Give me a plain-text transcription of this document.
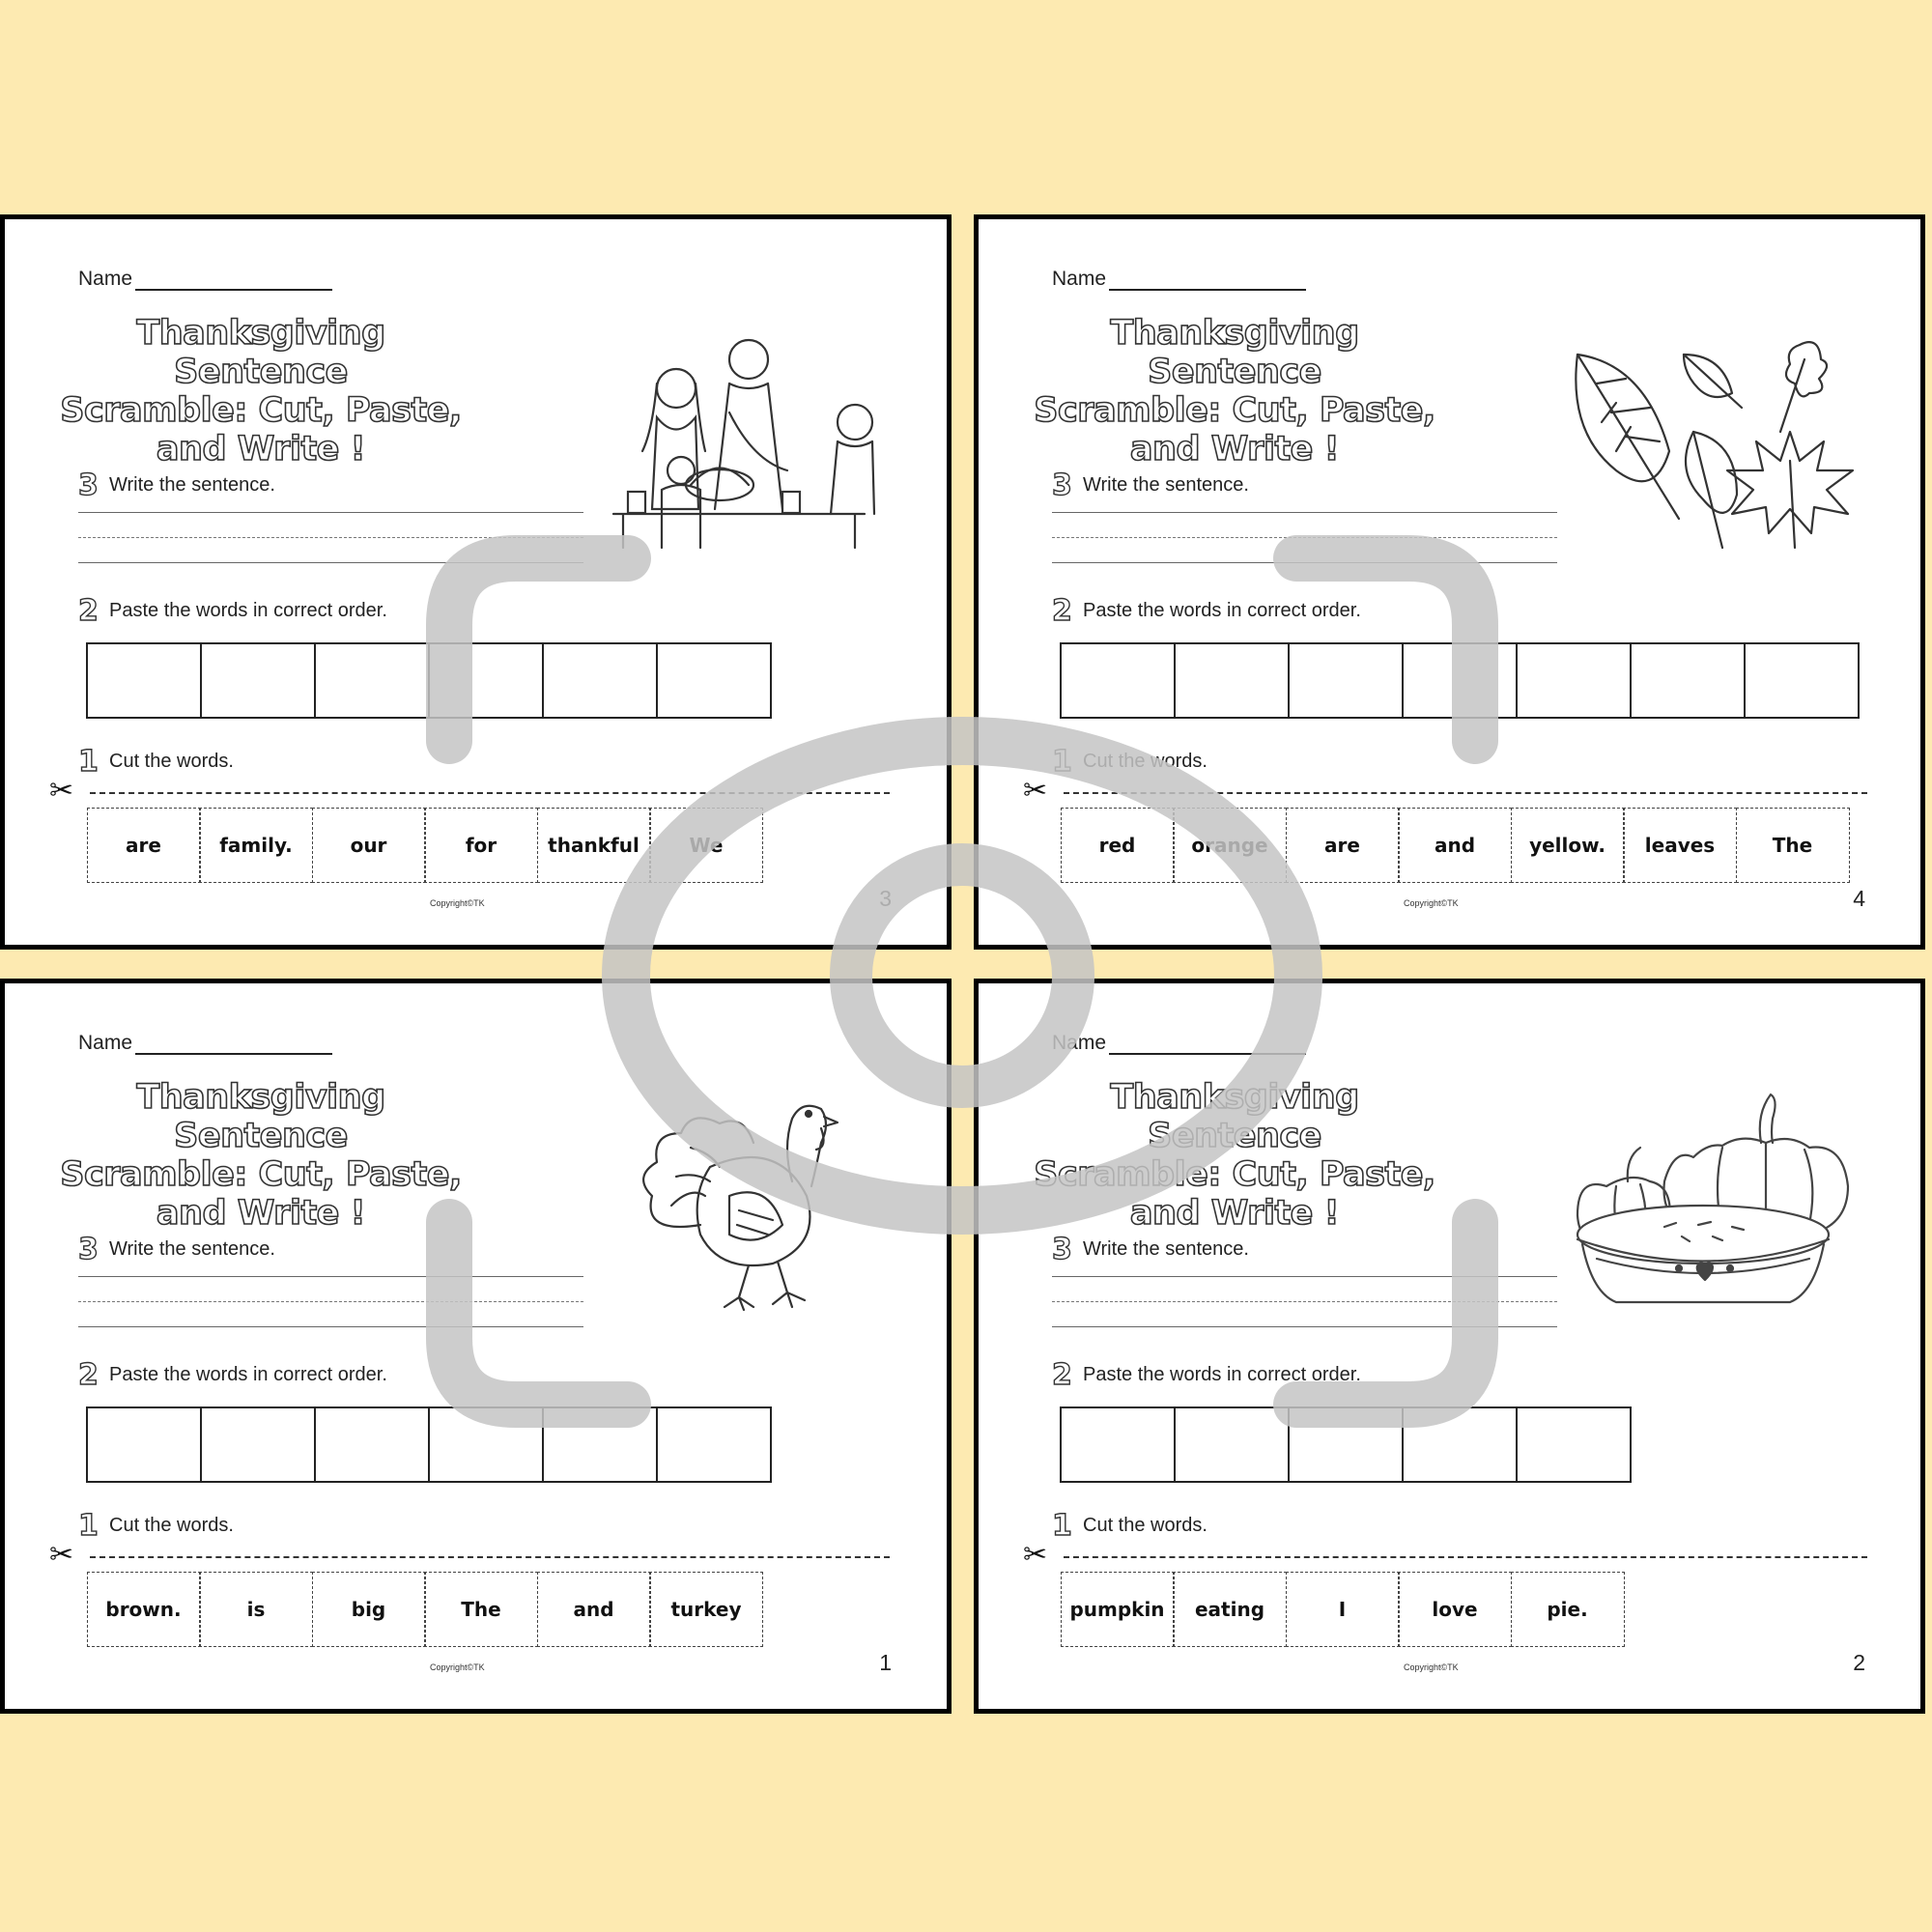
Name
Thanksgiving Sentence
Scramble: Cut, Paste,
and Write !
3 Write the sentence.
2 Paste the words in correct order.
1 Cut the words.
✂
are	family.	our	for	thankful	We
Copyright©TK	3
Name
Thanksgiving Sentence
Scramble: Cut, Paste,
and Write !
3 Write the sentence.
2 Paste the words in correct order.
1 Cut the words.
✂
red	orange	are	and	yellow.	leaves	The
Copyright©TK	4
Name
Thanksgiving Sentence
Scramble: Cut, Paste,
and Write !
3 Write the sentence.
2 Paste the words in correct order.
1 Cut the words.
✂
brown.	is	big	The	and	turkey
Copyright©TK	1
Name
Thanksgiving Sentence
Scramble: Cut, Paste,
and Write !
3 Write the sentence.
2 Paste the words in correct order.
1 Cut the words.
✂
pumpkin	eating	I	love	pie.
Copyright©TK	2
